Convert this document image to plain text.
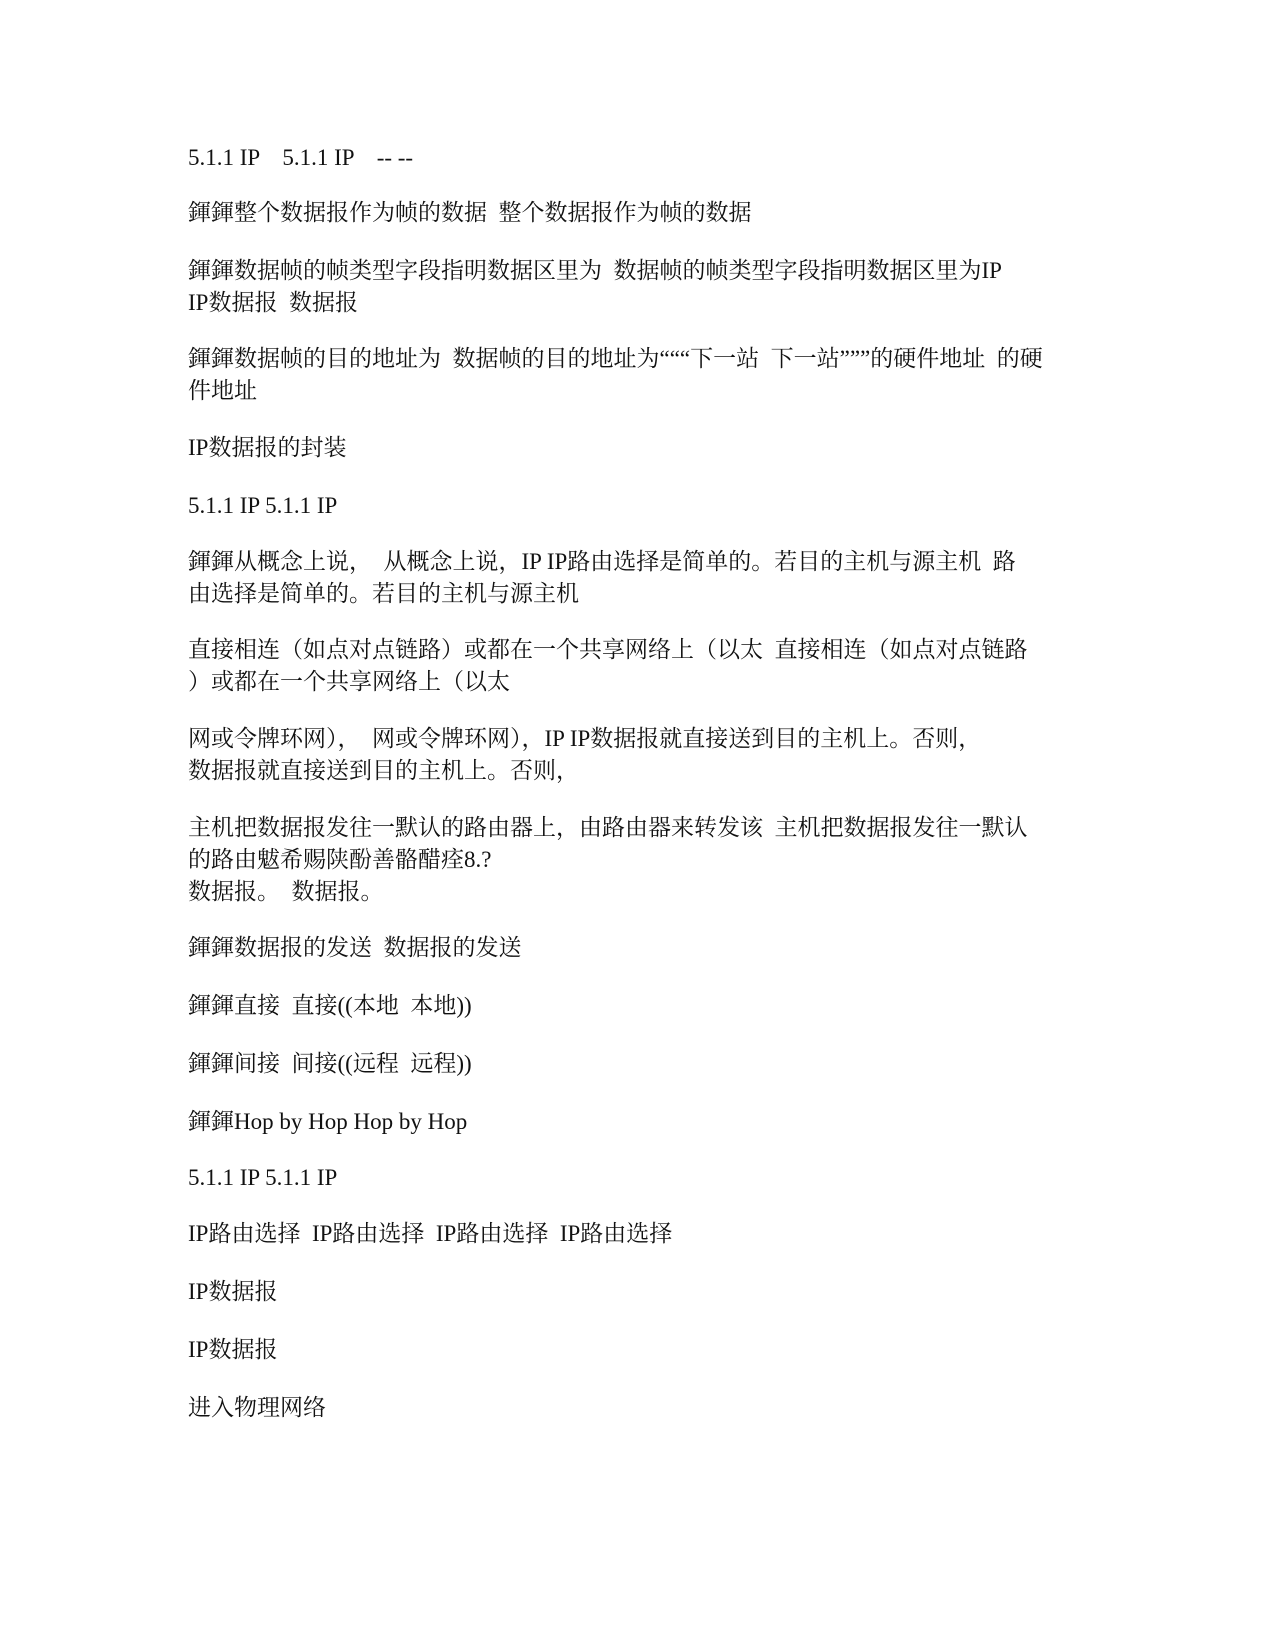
5.1.1 IP    5.1.1 IP    -- --
鍕鍕整个数据报作为帧的数据  整个数据报作为帧的数据
鍕鍕数据帧的帧类型字段指明数据区里为  数据帧的帧类型字段指明数据区里为IP
IP数据报  数据报
鍕鍕数据帧的目的地址为  数据帧的目的地址为“““下一站  下一站”””的硬件地址  的硬
件地址
IP数据报的封装
5.1.1 IP 5.1.1 IP
鍕鍕从概念上说，  从概念上说，IP IP路由选择是简单的。若目的主机与源主机  路
由选择是简单的。若目的主机与源主机
直接相连（如点对点链路）或都在一个共享网络上（以太  直接相连（如点对点链路
）或都在一个共享网络上（以太
网或令牌环网），  网或令牌环网），IP IP数据报就直接送到目的主机上。否则，
数据报就直接送到目的主机上。否则，
主机把数据报发往一默认的路由器上，由路由器来转发该  主机把数据报发往一默认
的路由魃希赐陕酚善骼醋痊8.?
数据报。  数据报。
鍕鍕数据报的发送  数据报的发送
鍕鍕直接  直接((本地  本地))
鍕鍕间接  间接((远程  远程))
鍕鍕Hop by Hop Hop by Hop
5.1.1 IP 5.1.1 IP
IP路由选择  IP路由选择  IP路由选择  IP路由选择
IP数据报
IP数据报
进入物理网络
